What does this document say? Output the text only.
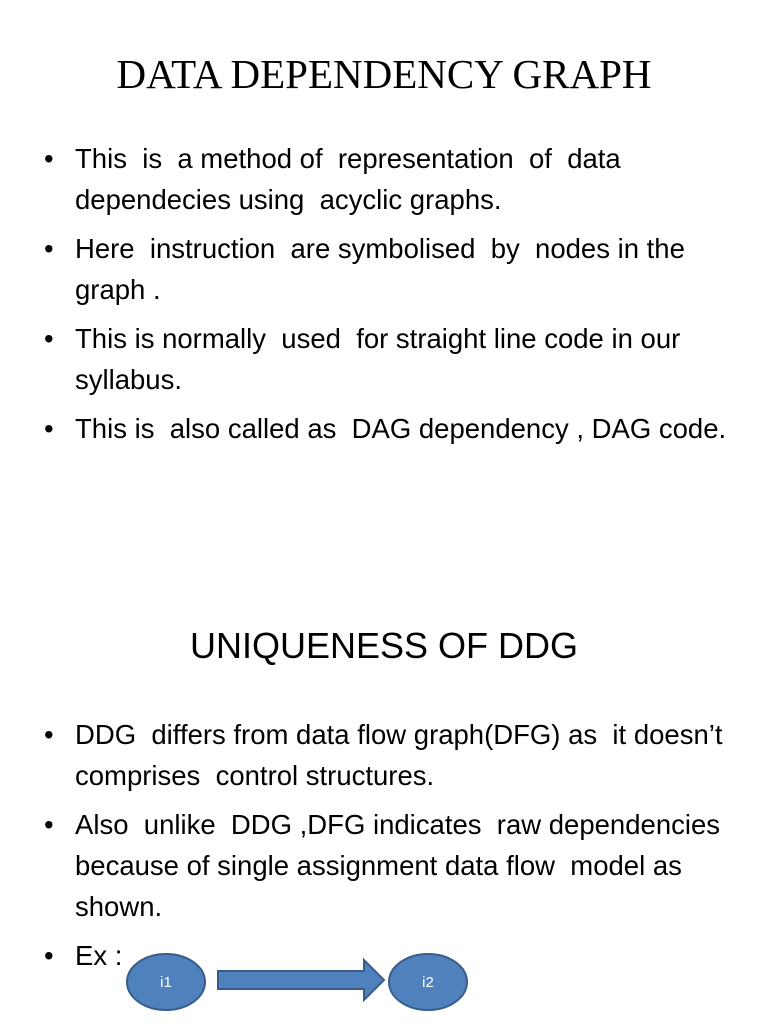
DATA DEPENDENCY GRAPH
• This  is  a method of  representation  of  data dependecies using  acyclic graphs.
• Here  instruction  are symbolised  by  nodes in the  graph .
• This is normally  used  for straight line code in our syllabus.
• This is  also called as  DAG dependency , DAG code.
UNIQUENESS OF DDG
• DDG  differs from data flow graph(DFG) as  it doesn’t  comprises  control structures.
• Also  unlike  DDG ,DFG indicates  raw dependencies  because of single assignment data flow  model as shown.
• Ex :
i1	i2
